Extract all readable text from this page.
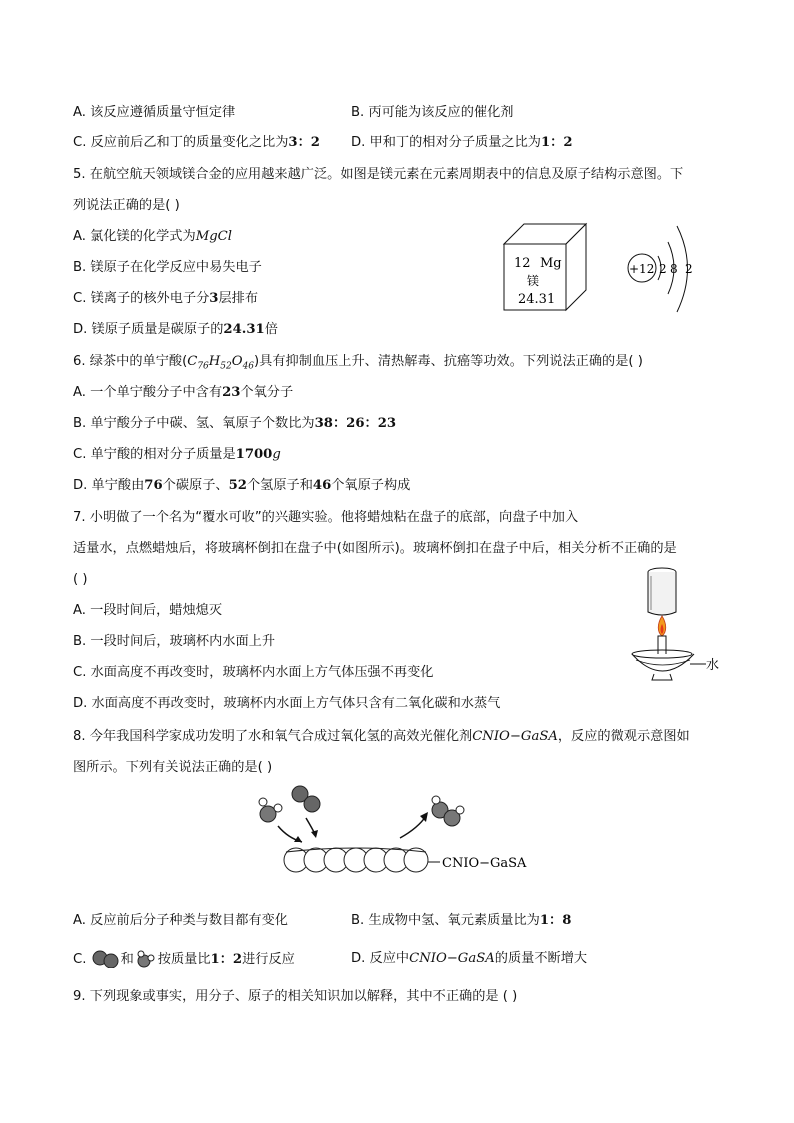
A. 该反应遵循质量守恒定律	B. 丙可能为该反应的催化剂
C. 反应前后乙和丁的质量变化之比为3：2 D. 甲和丁的相对分子质量之比为1：2
5. 在航空航天领域镁合金的应用越来越广泛。如图是镁元素在元素周期表中的信息及原子结构示意图。下
列说法正确的是( )
A. 氯化镁的化学式为MgCl
B. 镁原子在化学反应中易失电子
C. 镁离子的核外电子分3层排布
D. 镁原子质量是碳原子的24.31倍
12 Mg
镁
24.31
+12 2 8 2
6. 绿茶中的单宁酸$(C_{76}H_{52}O_{46})$具有抑制血压上升、清热解毒、抗癌等功效。下列说法正确的是( )
A. 一个单宁酸分子中含有23个氧分子
B. 单宁酸分子中碳、氢、氧原子个数比为38：26：23
C. 单宁酸的相对分子质量是1700g
D. 单宁酸由76个碳原子、52个氢原子和46个氧原子构成
7. 小明做了一个名为“覆水可收”的兴趣实验。他将蜡烛粘在盘子的底部，向盘子中加入
适量水，点燃蜡烛后，将玻璃杯倒扣在盘子中(如图所示)。玻璃杯倒扣在盘子中后，相关分析不正确的是
( )
A. 一段时间后，蜡烛熄灭
B. 一段时间后，玻璃杯内水面上升
C. 水面高度不再改变时，玻璃杯内水面上方气体压强不再变化
D. 水面高度不再改变时，玻璃杯内水面上方气体只含有二氧化碳和水蒸气
水
8. 今年我国科学家成功发明了水和氧气合成过氧化氢的高效光催化剂CNIO−GaSA，反应的微观示意图如
图所示。下列有关说法正确的是( )
CNIO−GaSA
A. 反应前后分子种类与数目都有变化	B. 生成物中氢、氧元素质量比为1：8
C.	和 按质量比1：2进行反应	D. 反应中CNIO−GaSA的质量不断增大
9. 下列现象或事实，用分子、原子的相关知识加以解释，其中不正确的是 ( )
